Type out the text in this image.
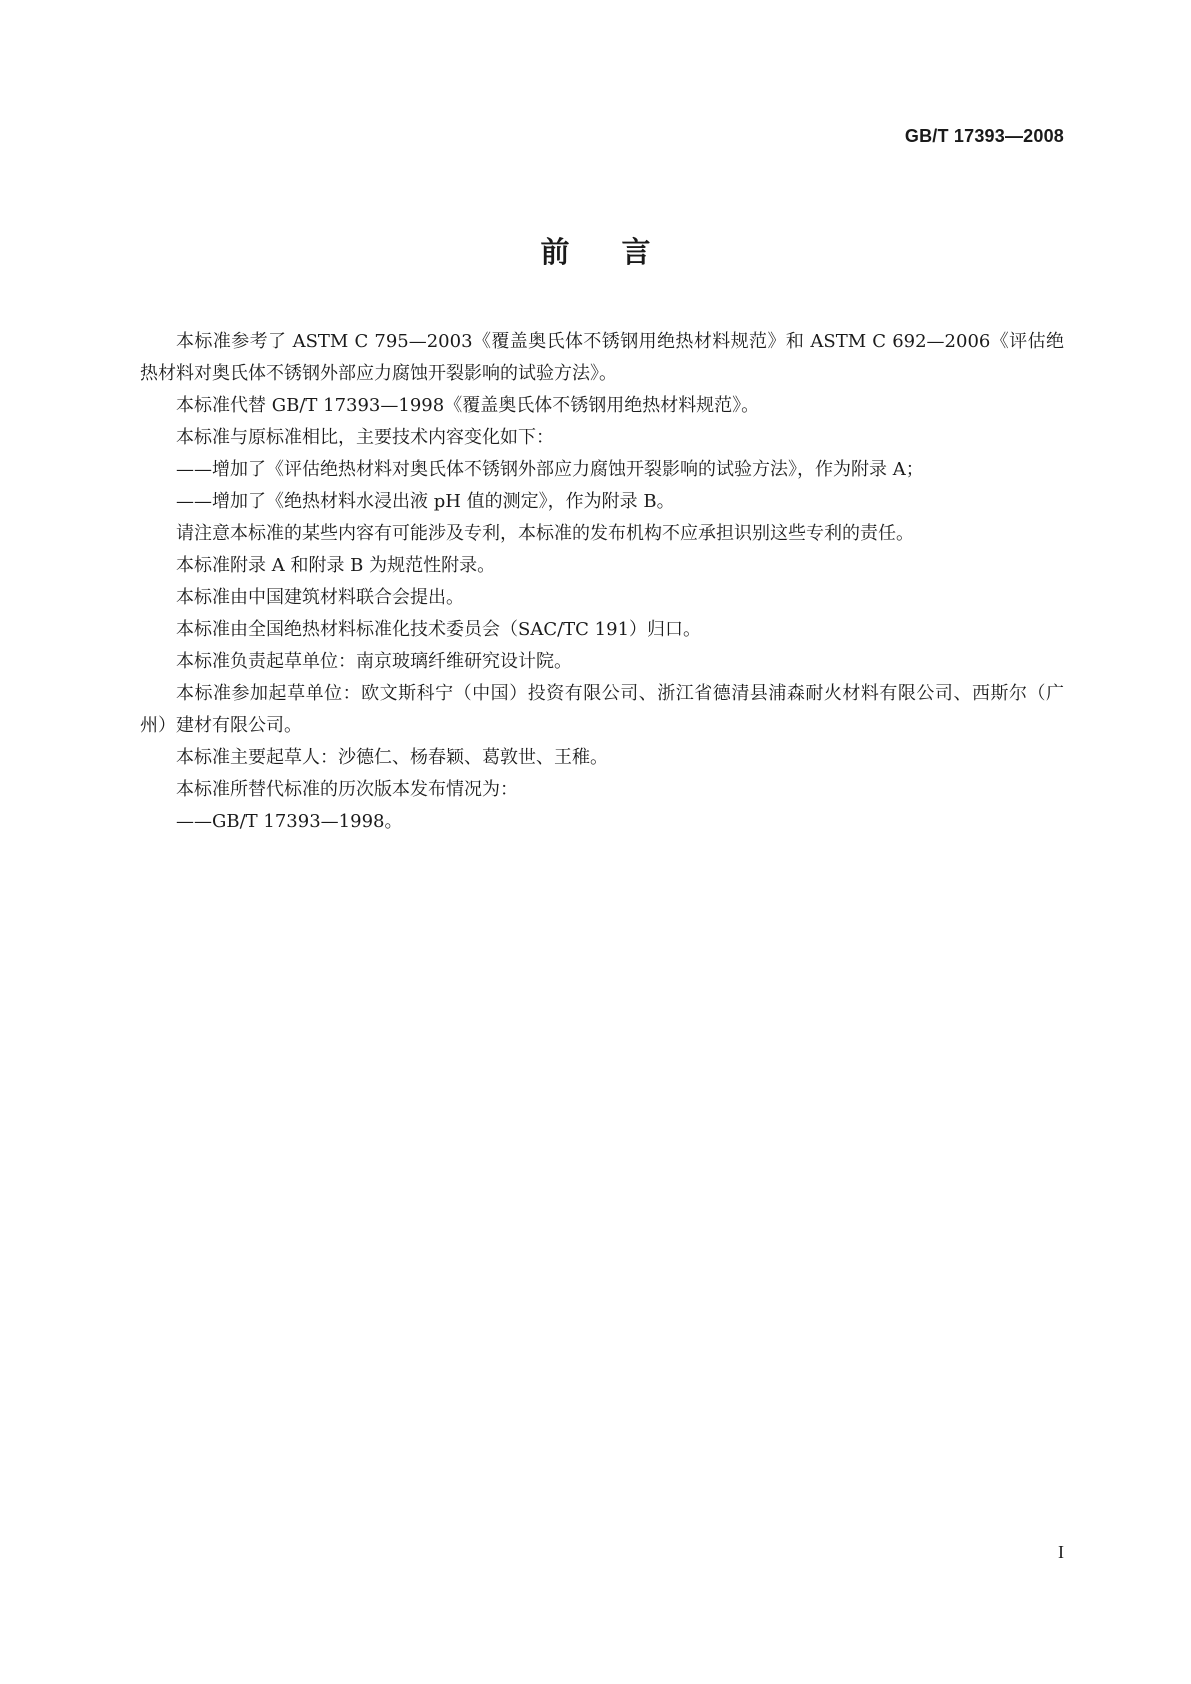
GB/T 17393—2008
前言

本标准参考了 ASTM C 795—2003《覆盖奥氏体不锈钢用绝热材料规范》和 ASTM C 692—2006《评估绝热材料对奥氏体不锈钢外部应力腐蚀开裂影响的试验方法》。

本标准代替 GB/T 17393—1998《覆盖奥氏体不锈钢用绝热材料规范》。

本标准与原标准相比，主要技术内容变化如下：

——增加了《评估绝热材料对奥氏体不锈钢外部应力腐蚀开裂影响的试验方法》，作为附录 A；

——增加了《绝热材料水浸出液 pH 值的测定》，作为附录 B。

请注意本标准的某些内容有可能涉及专利，本标准的发布机构不应承担识别这些专利的责任。

本标准附录 A 和附录 B 为规范性附录。

本标准由中国建筑材料联合会提出。

本标准由全国绝热材料标准化技术委员会（SAC/TC 191）归口。

本标准负责起草单位：南京玻璃纤维研究设计院。

本标准参加起草单位：欧文斯科宁（中国）投资有限公司、浙江省德清县浦森耐火材料有限公司、西斯尔（广州）建材有限公司。

本标准主要起草人：沙德仁、杨春颖、葛敦世、王稚。

本标准所替代标准的历次版本发布情况为：

——GB/T 17393—1998。

I
